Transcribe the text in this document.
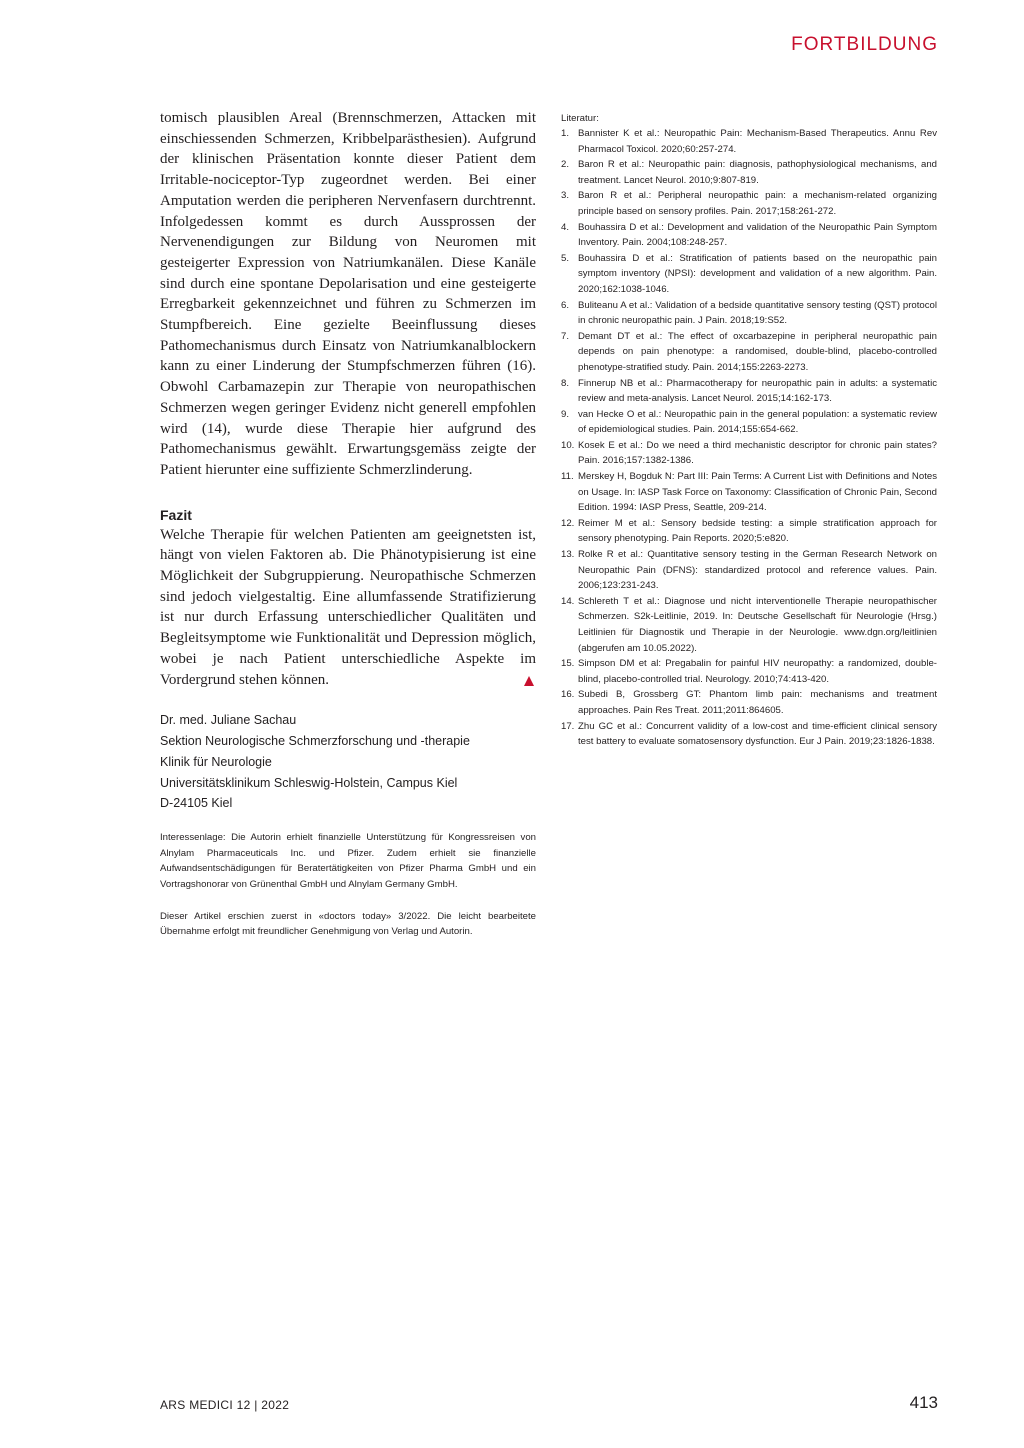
FORTBILDUNG

tomisch plausiblen Areal (Brennschmerzen, Attacken mit einschiessenden Schmerzen, Kribbelparästhesien). Aufgrund der klinischen Präsentation konnte dieser Patient dem Irritable-nociceptor-Typ zugeordnet werden. Bei einer Amputation werden die peripheren Nervenfasern durchtrennt. Infolgedessen kommt es durch Aussprossen der Nervenendigungen zur Bildung von Neuromen mit gesteigerter Expression von Natriumkanälen. Diese Kanäle sind durch eine spontane Depolarisation und eine gesteigerte Erregbarkeit gekennzeichnet und führen zu Schmerzen im Stumpfbereich. Eine gezielte Beeinflussung dieses Pathomechanismus durch Einsatz von Natriumkanalblockern kann zu einer Linderung der Stumpfschmerzen führen (16). Obwohl Carbamazepin zur Therapie von neuropathischen Schmerzen wegen geringer Evidenz nicht generell empfohlen wird (14), wurde diese Therapie hier aufgrund des Pathomechanismus gewählt. Erwartungsgemäss zeigte der Patient hierunter eine suffiziente Schmerzlinderung.

Fazit

Welche Therapie für welchen Patienten am geeignetsten ist, hängt von vielen Faktoren ab. Die Phänotypisierung ist eine Möglichkeit der Subgruppierung. Neuropathische Schmerzen sind jedoch vielgestaltig. Eine allumfassende Stratifizierung ist nur durch Erfassung unterschiedlicher Qualitäten und Begleitsymptome wie Funktionalität und Depression möglich, wobei je nach Patient unterschiedliche Aspekte im Vordergrund stehen können.

Dr. med. Juliane Sachau
Sektion Neurologische Schmerzforschung und -therapie
Klinik für Neurologie
Universitätsklinikum Schleswig-Holstein, Campus Kiel
D-24105 Kiel

Interessenlage: Die Autorin erhielt finanzielle Unterstützung für Kongressreisen von Alnylam Pharmaceuticals Inc. und Pfizer. Zudem erhielt sie finanzielle Aufwandsentschädigungen für Beratertätigkeiten von Pfizer Pharma GmbH und ein Vortragshonorar von Grünenthal GmbH und Alnylam Germany GmbH.

Dieser Artikel erschien zuerst in «doctors today» 3/2022. Die leicht bearbeitete Übernahme erfolgt mit freundlicher Genehmigung von Verlag und Autorin.

Literatur:
1. Bannister K et al.: Neuropathic Pain: Mechanism-Based Therapeutics. Annu Rev Pharmacol Toxicol. 2020;60:257-274.
2. Baron R et al.: Neuropathic pain: diagnosis, pathophysiological mechanisms, and treatment. Lancet Neurol. 2010;9:807-819.
3. Baron R et al.: Peripheral neuropathic pain: a mechanism-related organizing principle based on sensory profiles. Pain. 2017;158:261-272.
4. Bouhassira D et al.: Development and validation of the Neuropathic Pain Symptom Inventory. Pain. 2004;108:248-257.
5. Bouhassira D et al.: Stratification of patients based on the neuropathic pain symptom inventory (NPSI): development and validation of a new algorithm. Pain. 2020;162:1038-1046.
6. Buliteanu A et al.: Validation of a bedside quantitative sensory testing (QST) protocol in chronic neuropathic pain. J Pain. 2018;19:S52.
7. Demant DT et al.: The effect of oxcarbazepine in peripheral neuropathic pain depends on pain phenotype: a randomised, double-blind, placebo-controlled phenotype-stratified study. Pain. 2014;155:2263-2273.
8. Finnerup NB et al.: Pharmacotherapy for neuropathic pain in adults: a systematic review and meta-analysis. Lancet Neurol. 2015;14:162-173.
9. van Hecke O et al.: Neuropathic pain in the general population: a systematic review of epidemiological studies. Pain. 2014;155:654-662.
10. Kosek E et al.: Do we need a third mechanistic descriptor for chronic pain states? Pain. 2016;157:1382-1386.
11. Merskey H, Bogduk N: Part III: Pain Terms: A Current List with Definitions and Notes on Usage. In: IASP Task Force on Taxonomy: Classification of Chronic Pain, Second Edition. 1994: IASP Press, Seattle, 209-214.
12. Reimer M et al.: Sensory bedside testing: a simple stratification approach for sensory phenotyping. Pain Reports. 2020;5:e820.
13. Rolke R et al.: Quantitative sensory testing in the German Research Network on Neuropathic Pain (DFNS): standardized protocol and reference values. Pain. 2006;123:231-243.
14. Schlereth T et al.: Diagnose und nicht interventionelle Therapie neuropathischer Schmerzen. S2k-Leitlinie, 2019. In: Deutsche Gesellschaft für Neurologie (Hrsg.) Leitlinien für Diagnostik und Therapie in der Neurologie. www.dgn.org/leitlinien (abgerufen am 10.05.2022).
15. Simpson DM et al: Pregabalin for painful HIV neuropathy: a randomized, double-blind, placebo-controlled trial. Neurology. 2010;74:413-420.
16. Subedi B, Grossberg GT: Phantom limb pain: mechanisms and treatment approaches. Pain Res Treat. 2011;2011:864605.
17. Zhu GC et al.: Concurrent validity of a low-cost and time-efficient clinical sensory test battery to evaluate somatosensory dysfunction. Eur J Pain. 2019;23:1826-1838.
ARS MEDICI 12 | 2022	413
